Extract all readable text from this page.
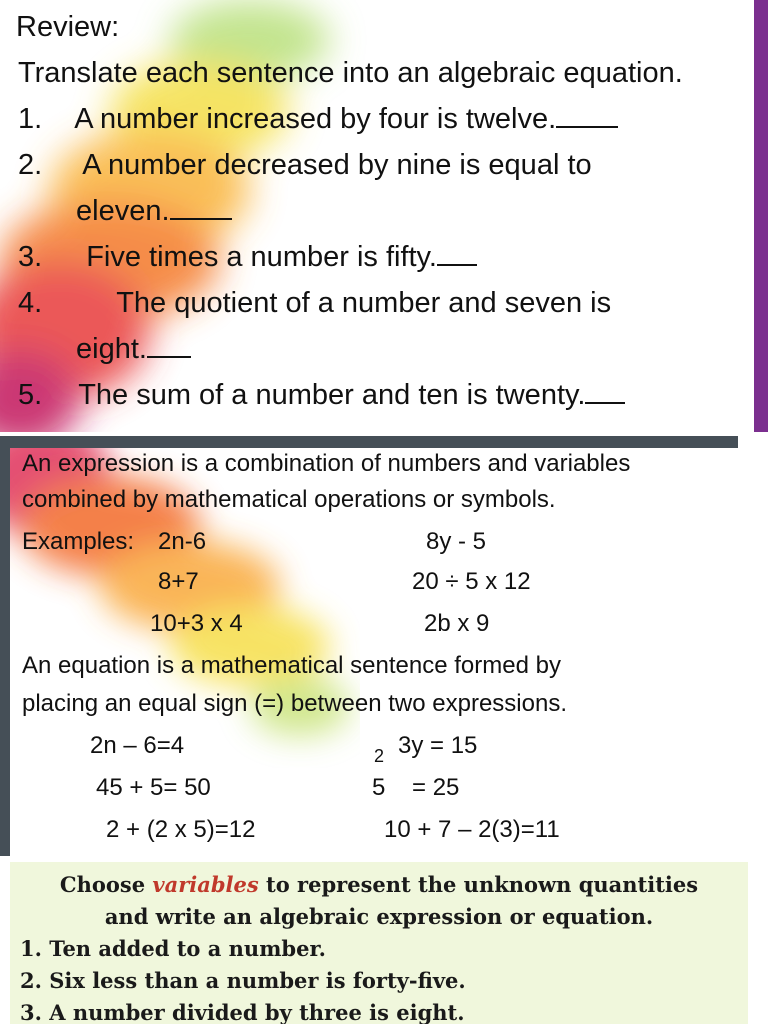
Review:
Translate each sentence into an algebraic equation.
1. A number increased by four is twelve.
2. A number decreased by nine is equal to
eleven.
3. Five times a number is fifty.
4.	The quotient of a number and seven is
eight.
5. The sum of a number and ten is twenty.
An expression is a combination of numbers and variables
combined by mathematical operations or symbols.
Examples: 2n-6
8+7
10+3 x 4
8y - 5
20 ÷ 5 x 12
2b x 9
An equation is a mathematical sentence formed by
placing an equal sign (=) between two expressions.
2n – 6=4
45 + 5= 50
2 + (2 x 5)=12
2 3y = 15
5    = 25
10 + 7 – 2(3)=11
Choose variables to represent the unknown quantities
and write an algebraic expression or equation.
1. Ten added to a number.
2. Six less than a number is forty-five.
3. A number divided by three is eight.
